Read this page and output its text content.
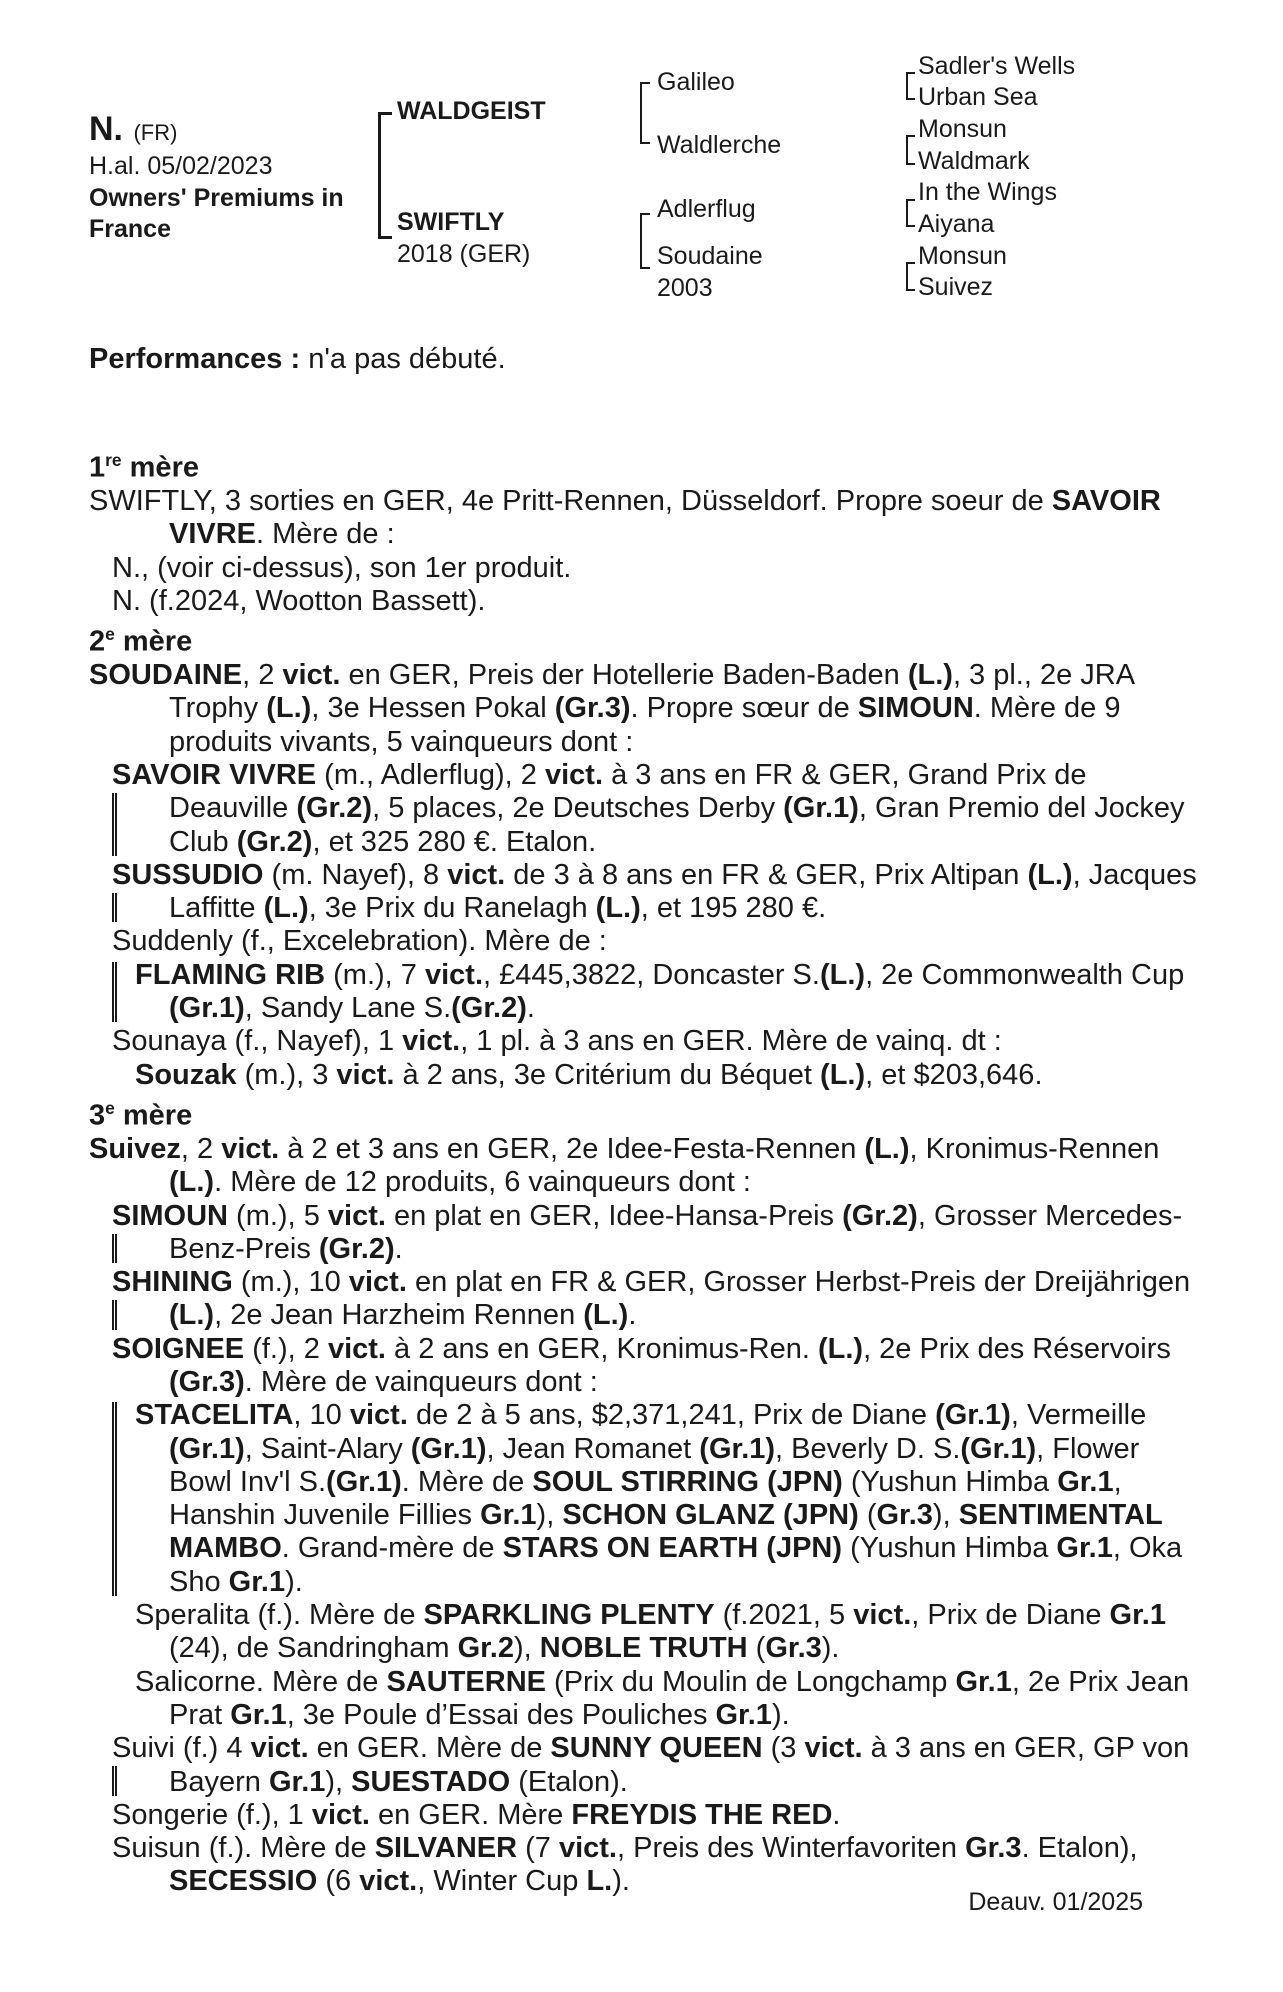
N. (FR)
H.al. 05/02/2023
Owners' Premiums in
France
WALDGEIST
SWIFTLY
2018 (GER)
Galileo
Waldlerche
Adlerflug
Soudaine
2003
Sadler's Wells
Urban Sea
Monsun
Waldmark
In the Wings
Aiyana
Monsun
Suivez
Performances : n'a pas débuté.

1re mère

SWIFTLY, 3 sorties en GER, 4e Pritt-Rennen, Düsseldorf. Propre soeur de SAVOIR VIVRE. Mère de :

N., (voir ci-dessus), son 1er produit.

N. (f.2024, Wootton Bassett).

2e mère

SOUDAINE, 2 vict. en GER, Preis der Hotellerie Baden-Baden (L.), 3 pl., 2e JRA Trophy (L.), 3e Hessen Pokal (Gr.3). Propre sœur de SIMOUN. Mère de 9 produits vivants, 5 vainqueurs dont :

SAVOIR VIVRE (m., Adlerflug), 2 vict. à 3 ans en FR & GER, Grand Prix de Deauville (Gr.2), 5 places, 2e Deutsches Derby (Gr.1), Gran Premio del Jockey Club (Gr.2), et 325 280 €. Etalon.

SUSSUDIO (m. Nayef), 8 vict. de 3 à 8 ans en FR & GER, Prix Altipan (L.), Jacques Laffitte (L.), 3e Prix du Ranelagh (L.), et 195 280 €.

Suddenly (f., Excelebration). Mère de :

FLAMING RIB (m.), 7 vict., £445,3822, Doncaster S.(L.), 2e Commonwealth Cup (Gr.1), Sandy Lane S.(Gr.2).

Sounaya (f., Nayef), 1 vict., 1 pl. à 3 ans en GER. Mère de vainq. dt :

Souzak (m.), 3 vict. à 2 ans, 3e Critérium du Béquet (L.), et $203,646.

3e mère

Suivez, 2 vict. à 2 et 3 ans en GER, 2e Idee-Festa-Rennen (L.), Kronimus-Rennen (L.). Mère de 12 produits, 6 vainqueurs dont :

SIMOUN (m.), 5 vict. en plat en GER, Idee-Hansa-Preis (Gr.2), Grosser Mercedes-Benz-Preis (Gr.2).

SHINING (m.), 10 vict. en plat en FR & GER, Grosser Herbst-Preis der Dreijährigen (L.), 2e Jean Harzheim Rennen (L.).

SOIGNEE (f.), 2 vict. à 2 ans en GER, Kronimus-Ren. (L.), 2e Prix des Réservoirs (Gr.3). Mère de vainqueurs dont :

STACELITA, 10 vict. de 2 à 5 ans, $2,371,241, Prix de Diane (Gr.1), Vermeille (Gr.1), Saint-Alary (Gr.1), Jean Romanet (Gr.1), Beverly D. S.(Gr.1), Flower Bowl Inv'l S.(Gr.1). Mère de SOUL STIRRING (JPN) (Yushun Himba Gr.1, Hanshin Juvenile Fillies Gr.1), SCHON GLANZ (JPN) (Gr.3), SENTIMENTAL MAMBO. Grand-mère de STARS ON EARTH (JPN) (Yushun Himba Gr.1, Oka Sho Gr.1).

Speralita (f.). Mère de SPARKLING PLENTY (f.2021, 5 vict., Prix de Diane Gr.1 (24), de Sandringham Gr.2), NOBLE TRUTH (Gr.3).

Salicorne. Mère de SAUTERNE (Prix du Moulin de Longchamp Gr.1, 2e Prix Jean Prat Gr.1, 3e Poule d’Essai des Pouliches Gr.1).

Suivi (f.) 4 vict. en GER. Mère de SUNNY QUEEN (3 vict. à 3 ans en GER, GP von Bayern Gr.1), SUESTADO (Etalon).

Songerie (f.), 1 vict. en GER. Mère FREYDIS THE RED.

Suisun (f.). Mère de SILVANER (7 vict., Preis des Winterfavoriten Gr.3. Etalon), SECESSIO (6 vict., Winter Cup L.).

Deauv. 01/2025
